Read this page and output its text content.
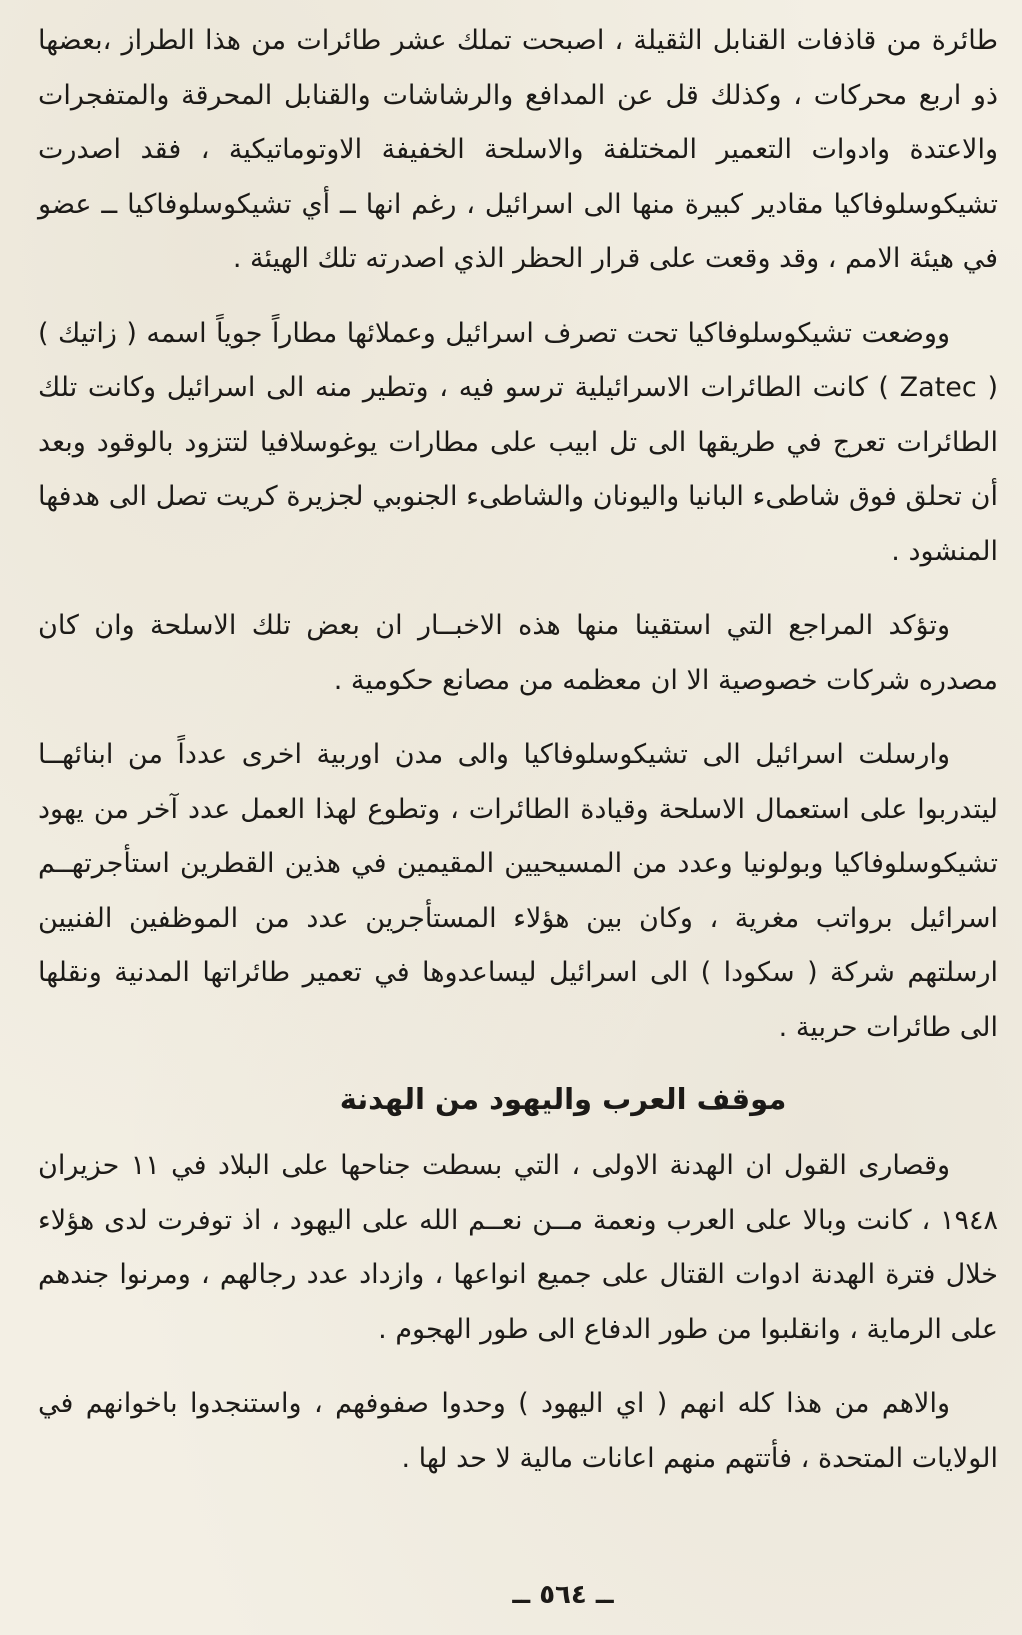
طائرة من قاذفات القنابل الثقيلة ، اصبحت تملك عشر طائرات من هذا الطراز ،بعضها ذو اربع محركات ، وكذلك قل عن المدافع والرشاشات والقنابل المحرقة والمتفجرات والاعتدة وادوات التعمير المختلفة والاسلحة الخفيفة الاوتوماتيكية ، فقد اصدرت تشيكوسلوفاكيا مقادير كبيرة منها الى اسرائيل ، رغم انها ــ أي تشيكوسلوفاكيا ــ عضو في هيئة الامم ، وقد وقعت على قرار الحظر الذي اصدرته تلك الهيئة .

ووضعت تشيكوسلوفاكيا تحت تصرف اسرائيل وعملائها مطاراً جوياً اسمه ( زاتيك ) ( Zatec ) كانت الطائرات الاسرائيلية ترسو فيه ، وتطير منه الى اسرائيل وكانت تلك الطائرات تعرج في طريقها الى تل ابيب على مطارات يوغوسلافيا لتتزود بالوقود وبعد أن تحلق فوق شاطىء البانيا واليونان والشاطىء الجنوبي لجزيرة كريت تصل الى هدفها المنشود .

وتؤكد المراجع التي استقينا منها هذه الاخبــار ان بعض تلك الاسلحة وان كان مصدره شركات خصوصية الا ان معظمه من مصانع حكومية .

وارسلت اسرائيل الى تشيكوسلوفاكيا والى مدن اوربية اخرى عدداً من ابنائهــا ليتدربوا على استعمال الاسلحة وقيادة الطائرات ، وتطوع لهذا العمل عدد آخر من يهود تشيكوسلوفاكيا وبولونيا وعدد من المسيحيين المقيمين في هذين القطرين استأجرتهــم اسرائيل برواتب مغرية ، وكان بين هؤلاء المستأجرين عدد من الموظفين الفنيين ارسلتهم شركة ( سكودا ) الى اسرائيل ليساعدوها في تعمير طائراتها المدنية ونقلها الى طائرات حربية .

موقف العرب واليهود من الهدنة

وقصارى القول ان الهدنة الاولى ، التي بسطت جناحها على البلاد في ١١ حزيران ١٩٤٨ ، كانت وبالا على العرب ونعمة مــن نعــم الله على اليهود ، اذ توفرت لدى هؤلاء خلال فترة الهدنة ادوات القتال على جميع انواعها ، وازداد عدد رجالهم ، ومرنوا جندهم على الرماية ، وانقلبوا من طور الدفاع الى طور الهجوم .

والاهم من هذا كله انهم ( اي اليهود ) وحدوا صفوفهم ، واستنجدوا باخوانهم في الولايات المتحدة ، فأتتهم منهم اعانات مالية لا حد لها .

ــ ٥٦٤ ــ
